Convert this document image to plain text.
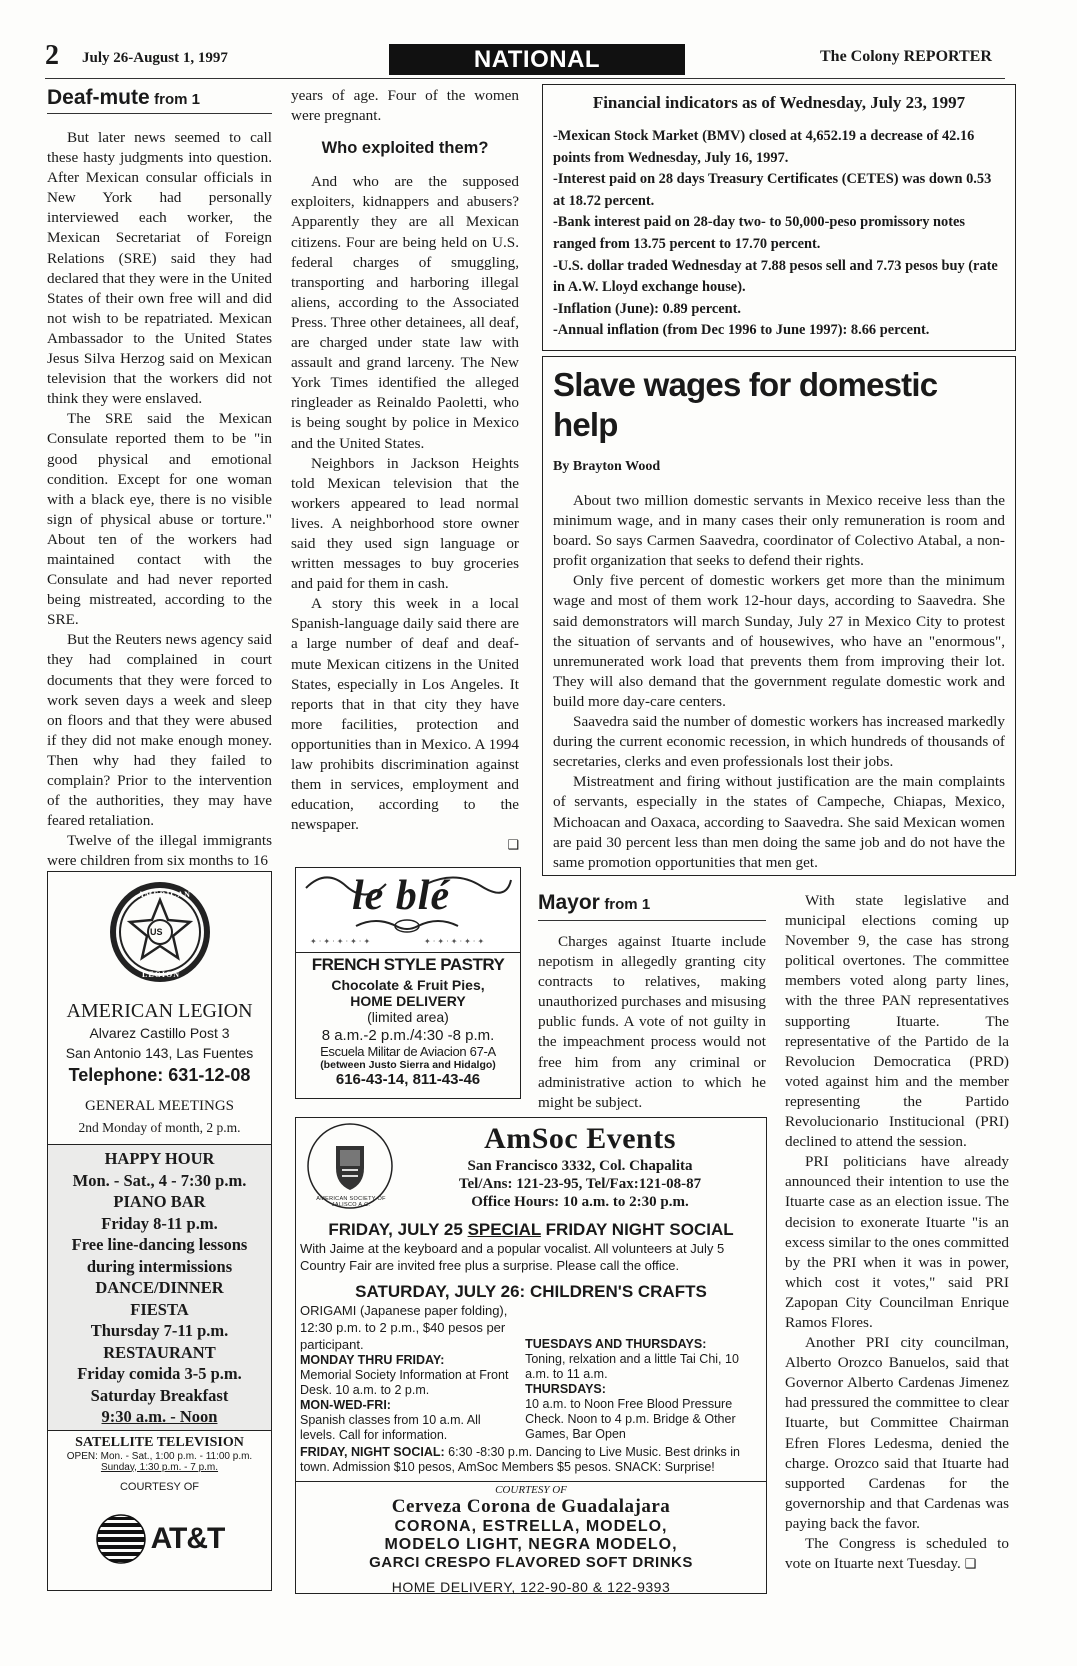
2 July 26-August 1, 1997	NATIONAL	The Colony REPORTER
Deaf-mute from 1

But later news seemed to call these hasty judgments into question. After Mexican consular officials in New York had personally interviewed each worker, the Mexican Secretariat of Foreign Relations (SRE) said they had declared that they were in the United States of their own free will and did not wish to be repatriated. Mexican Ambassador to the United States Jesus Silva Herzog said on Mexican television that the workers did not think they were enslaved.

The SRE said the Mexican Consulate reported them to be "in good physical and emotional condition. Except for one woman with a black eye, there is no visible sign of physical abuse or torture." About ten of the workers had maintained contact with the Consulate and had never reported being mistreated, according to the SRE.

But the Reuters news agency said they had complained in court documents that they were forced to work seven days a week and sleep on floors and that they were abused if they did not make enough money. Then why had they failed to complain? Prior to the intervention of the authorities, they may have feared retaliation.

Twelve of the illegal immigrants were children from six months to 16

years of age. Four of the women were pregnant.

Who exploited them?

And who are the supposed exploiters, kidnappers and abusers? Apparently they are all Mexican citizens. Four are being held on U.S. federal charges of smuggling, transporting and harboring illegal aliens, according to the Associated Press. Three other detainees, all deaf, are charged under state law with assault and grand larceny. The New York Times identified the alleged ringleader as Reinaldo Paoletti, who is being sought by police in Mexico and the United States.

Neighbors in Jackson Heights told Mexican television that the workers appeared to lead normal lives. A neighborhood store owner said they used sign language or written messages to buy groceries and paid for them in cash.

A story this week in a local Spanish-language daily said there are a large number of deaf and deaf-mute Mexican citizens in the United States, especially in Los Angeles. It reports that in that city they have more facilities, protection and opportunities than in Mexico. A 1994 law prohibits discrimination against them in services, employment and education, according to the newspaper.

❑
Financial indicators as of Wednesday, July 23, 1997
-Mexican Stock Market (BMV) closed at 4,652.19 a decrease of 42.16 points from Wednesday, July 16, 1997.
-Interest paid on 28 days Treasury Certificates (CETES) was down 0.53 at 18.72 percent.
-Bank interest paid on 28-day two- to 50,000-peso promissory notes ranged from 13.75 percent to 17.70 percent.
-U.S. dollar traded Wednesday at 7.88 pesos sell and 7.73 pesos buy (rate in A.W. Lloyd exchange house).
-Inflation (June): 0.89 percent.
-Annual inflation (from Dec 1996 to June 1997): 8.66 percent.
Slave wages for domestic help
By Brayton Wood

About two million domestic servants in Mexico receive less than the minimum wage, and in many cases their only remuneration is room and board. So says Carmen Saavedra, coordinator of Colectivo Atabal, a non-profit organization that seeks to defend their rights.

Only five percent of domestic workers get more than the minimum wage and most of them work 12-hour days, according to Saavedra. She said demonstrators will march Sunday, July 27 in Mexico City to protest the situation of servants and of housewives, who have an "enormous", unremunerated work load that prevents them from improving their lot. They will also demand that the government regulate domestic work and build more day-care centers.

Saavedra said the number of domestic workers has increased markedly during the current economic recession, in which hundreds of thousands of secretaries, clerks and even professionals lost their jobs.

Mistreatment and firing without justification are the main complaints of servants, especially in the states of Campeche, Chiapas, Mexico, Michoacan and Oaxaca, according to Saavedra. She said Mexican women are paid 30 percent less than men doing the same job and do not have the same promotion opportunities that men get.

AMERICAN
US
LEGION
AMERICAN LEGION
Alvarez Castillo Post 3
San Antonio 143, Las Fuentes
Telephone: 631-12-08
GENERAL MEETINGS
2nd Monday of month, 2 p.m.
HAPPY HOUR
Mon. - Sat., 4 - 7:30 p.m.
PIANO BAR
Friday 8-11 p.m.
Free line-dancing lessons
during intermissions
DANCE/DINNER
FIESTA
Thursday 7-11 p.m.
RESTAURANT
Friday comida 3-5 p.m.
Saturday Breakfast
9:30 a.m. - Noon
SATELLITE TELEVISION
OPEN: Mon. - Sat., 1:00 p.m. - 11:00 p.m.
Sunday, 1:30 p.m. - 7 p.m.
COURTESY OF
AT&T
✦ · ✦ · ✦ · ✦ · ✦	✦ · ✦ · ✦ · ✦ · ✦
le blé
FRENCH STYLE PASTRY
Chocolate & Fruit Pies,
HOME DELIVERY
(limited area)
8 a.m.-2 p.m./4:30 -8 p.m.
Escuela Militar de Aviacion 67-A
(between Justo Sierra and Hidalgo)
616-43-14, 811-43-46
AMERICAN SOCIETY OF JALISCO A.C.
AmSoc Events
San Francisco 3332, Col. Chapalita
Tel/Ans: 121-23-95, Tel/Fax:121-08-87
Office Hours: 10 a.m. to 2:30 p.m.
FRIDAY, JULY 25 SPECIAL FRIDAY NIGHT SOCIAL
With Jaime at the keyboard and a popular vocalist. All volunteers at July 5 Country Fair are invited free plus a surprise. Please call the office.
SATURDAY, JULY 26: CHILDREN'S CRAFTS
ORIGAMI (Japanese paper folding), 12:30 p.m. to 2 p.m., $40 pesos per participant.
MONDAY THRU FRIDAY:
Memorial Society Information at Front Desk. 10 a.m. to 2 p.m.
MON-WED-FRI:
Spanish classes from 10 a.m. All levels. Call for information.
TUESDAYS AND THURSDAYS:
Toning, relxation and a little Tai Chi, 10 a.m. to 11 a.m.
THURSDAYS:
10 a.m. to Noon Free Blood Pressure Check. Noon to 4 p.m. Bridge & Other Games, Bar Open
FRIDAY, NIGHT SOCIAL: 6:30 -8:30 p.m. Dancing to Live Music. Best drinks in town. Admission $10 pesos, AmSoc Members $5 pesos. SNACK: Surprise!
COURTESY OF
Cerveza Corona de Guadalajara
CORONA, ESTRELLA, MODELO,
MODELO LIGHT, NEGRA MODELO,
GARCI CRESPO FLAVORED SOFT DRINKS
HOME DELIVERY, 122-90-80 & 122-9393
Mayor from 1

Charges against Ituarte include nepotism in allegedly granting city contracts to relatives, making unauthorized purchases and misusing public funds. A vote of not guilty in the impeachment process would not free him from any criminal or administrative action to which he might be subject.

With state legislative and municipal elections coming up November 9, the case has strong political overtones. The committee members voted along party lines, with the three PAN representatives supporting Ituarte. The representative of the Partido de la Revolucion Democratica (PRD) voted against him and the member representing the Partido Revolucionario Institucional (PRI) declined to attend the session.

PRI politicians have already announced their intention to use the Ituarte case as an election issue. The decision to exonerate Ituarte "is an excess similar to the ones committed by the PRI when it was in power, which cost it votes," said PRI Zapopan City Councilman Enrique Ramos Flores.

Another PRI city councilman, Alberto Orozco Banuelos, said that Governor Alberto Cardenas Jimenez had pressured the committee to clear Ituarte, but Committee Chairman Efren Flores Ledesma, denied the charge. Orozco said that Ituarte had supported Cardenas for the governorship and that Cardenas was paying back the favor.

The Congress is scheduled to vote on Ituarte next Tuesday. ❑
